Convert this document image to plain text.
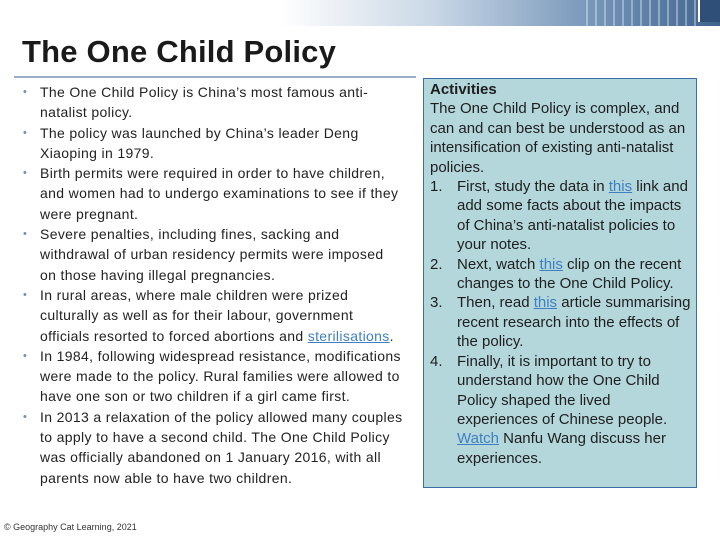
The One Child Policy
• The One Child Policy is China’s most famous anti-natalist policy.
• The policy was launched by China’s leader Deng Xiaoping in 1979.
• Birth permits were required in order to have children, and women had to undergo examinations to see if they were pregnant.
• Severe penalties, including fines, sacking and withdrawal of urban residency permits were imposed on those having illegal pregnancies.
• In rural areas, where male children were prized culturally as well as for their labour, government officials resorted to forced abortions and sterilisations.
• In 1984, following widespread resistance, modifications were made to the policy. Rural families were allowed to have one son or two children if a girl came first.
• In 2013 a relaxation of the policy allowed many couples to apply to have a second child. The One Child Policy was officially abandoned on 1 January 2016, with all parents now able to have two children.

Activities

The One Child Policy is complex, and can and can best be understood as an intensification of existing anti-natalist policies.

1. First, study the data in this link and add some facts about the impacts of China’s anti-natalist policies to your notes.
2. Next, watch this clip on the recent changes to the One Child Policy.
3. Then, read this article summarising recent research into the effects of the policy.
4. Finally, it is important to try to understand how the One Child Policy shaped the lived experiences of Chinese people. Watch Nanfu Wang discuss her experiences.
© Geography Cat Learning, 2021
